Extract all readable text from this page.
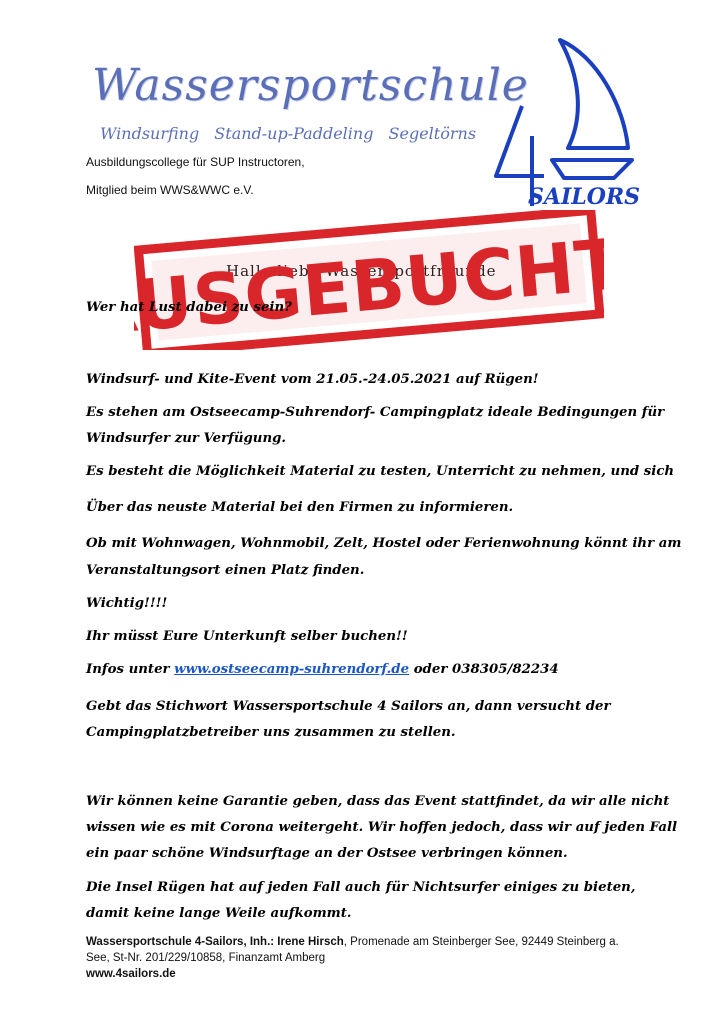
Wassersportschule
Windsurfing Stand-up-Paddeling Segeltörns
Ausbildungscollege für SUP Instructoren,
Mitglied beim WWS&WWC e.V.	SAILORS
Hallo liebe Wassersportfreunde
AUSGEBUCHT!
Wer hat Lust dabei zu sein?
Windsurf- und Kite-Event vom 21.05.-24.05.2021 auf Rügen!
Es stehen am Ostseecamp-Suhrendorf- Campingplatz ideale Bedingungen für
Windsurfer zur Verfügung.
Es besteht die Möglichkeit Material zu testen, Unterricht zu nehmen, und sich
Über das neuste Material bei den Firmen zu informieren.
Ob mit Wohnwagen, Wohnmobil, Zelt, Hostel oder Ferienwohnung könnt ihr am
Veranstaltungsort einen Platz finden.
Wichtig!!!!
Ihr müsst Eure Unterkunft selber buchen!!
Infos unter www.ostseecamp-suhrendorf.de oder 038305/82234
Gebt das Stichwort Wassersportschule 4 Sailors an, dann versucht der
Campingplatzbetreiber uns zusammen zu stellen.
Wir können keine Garantie geben, dass das Event stattfindet, da wir alle nicht
wissen wie es mit Corona weitergeht. Wir hoffen jedoch, dass wir auf jeden Fall
ein paar schöne Windsurftage an der Ostsee verbringen können.
Die Insel Rügen hat auf jeden Fall auch für Nichtsurfer einiges zu bieten,
damit keine lange Weile aufkommt.
Wassersportschule 4-Sailors, Inh.: Irene Hirsch, Promenade am Steinberger See, 92449 Steinberg a.
See, St-Nr. 201/229/10858, Finanzamt Amberg
www.4sailors.de
